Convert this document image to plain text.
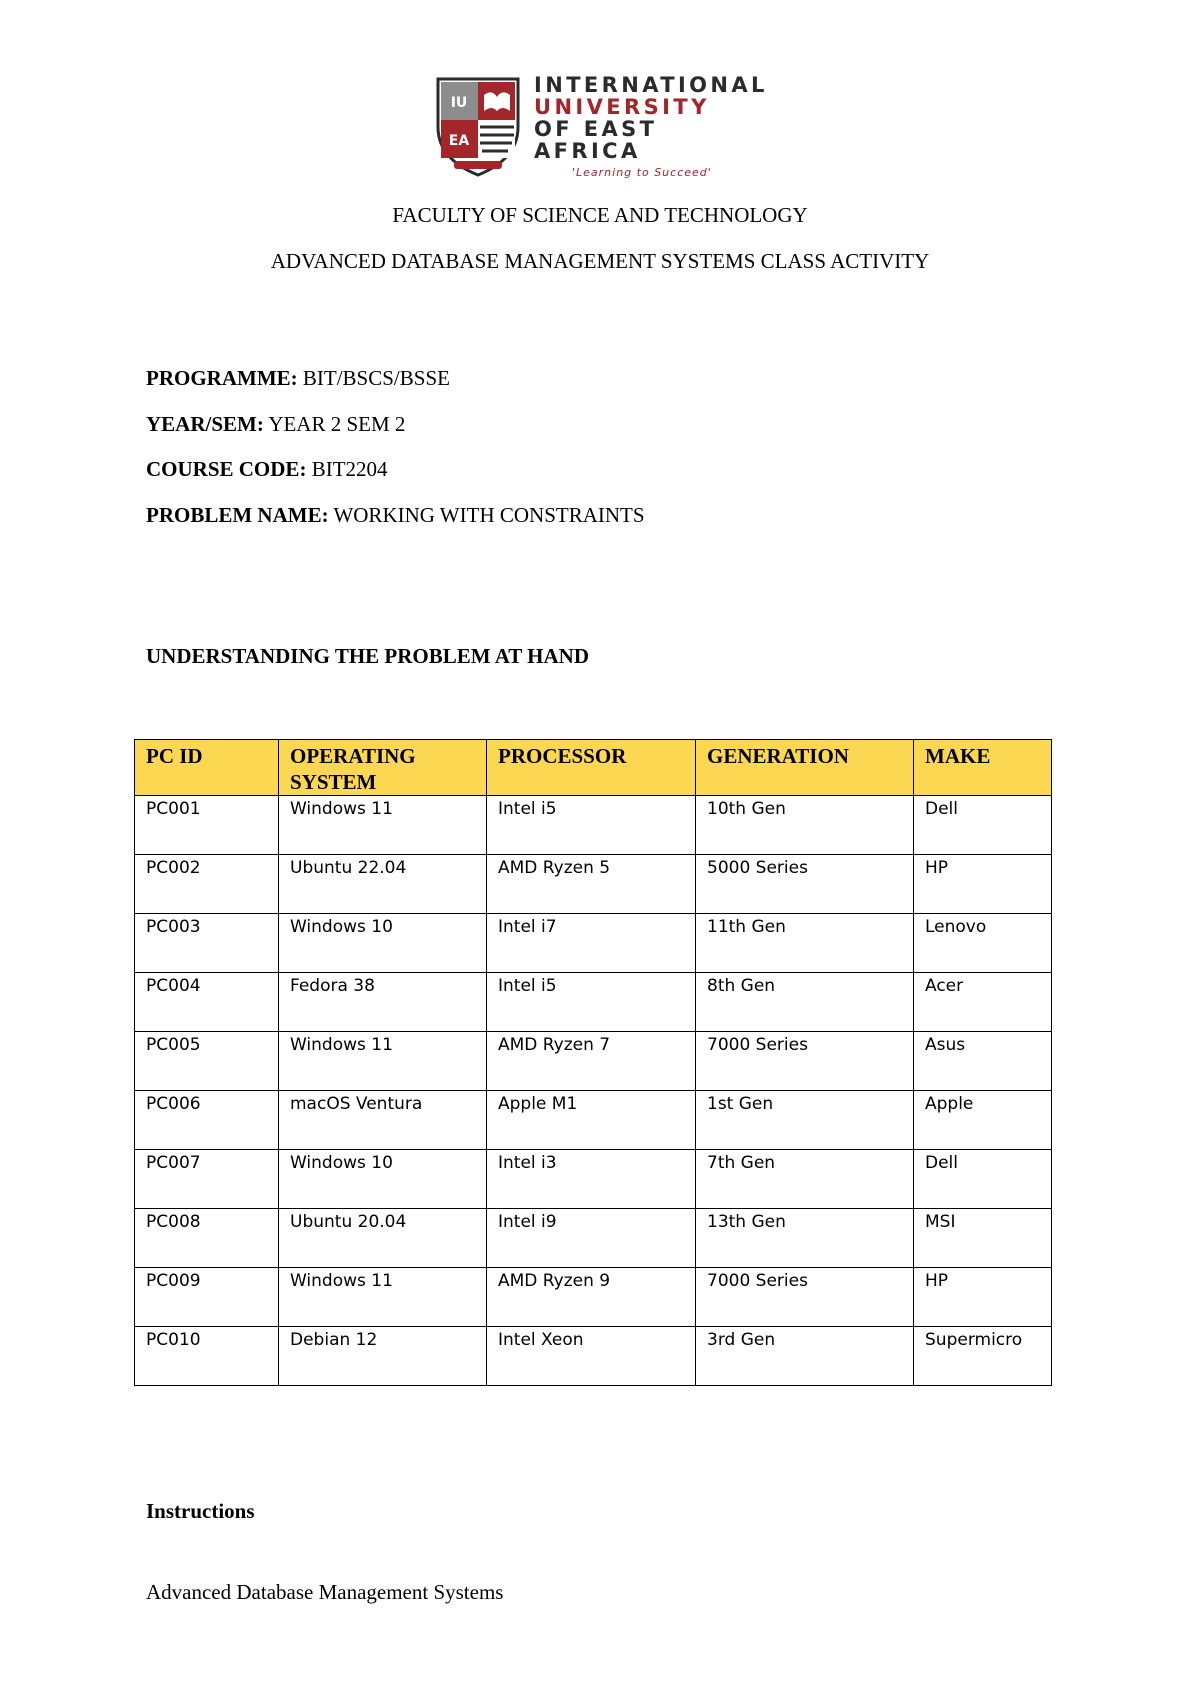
IU
EA
INTERNATIONAL
UNIVERSITY
OF EAST AFRICA
'Learning to Succeed'
FACULTY OF SCIENCE AND TECHNOLOGY
ADVANCED DATABASE MANAGEMENT SYSTEMS CLASS ACTIVITY
PROGRAMME: BIT/BSCS/BSSE
YEAR/SEM: YEAR 2 SEM 2
COURSE CODE: BIT2204
PROBLEM NAME: WORKING WITH CONSTRAINTS
UNDERSTANDING THE PROBLEM AT HAND
PC ID	OPERATING SYSTEM	PROCESSOR	GENERATION	MAKE
PC001	Windows 11	Intel i5	10th Gen	Dell
PC002	Ubuntu 22.04	AMD Ryzen 5	5000 Series	HP
PC003	Windows 10	Intel i7	11th Gen	Lenovo
PC004	Fedora 38	Intel i5	8th Gen	Acer
PC005	Windows 11	AMD Ryzen 7	7000 Series	Asus
PC006	macOS Ventura	Apple M1	1st Gen	Apple
PC007	Windows 10	Intel i3	7th Gen	Dell
PC008	Ubuntu 20.04	Intel i9	13th Gen	MSI
PC009	Windows 11	AMD Ryzen 9	7000 Series	HP
PC010	Debian 12	Intel Xeon	3rd Gen	Supermicro
Instructions
Advanced Database Management Systems
